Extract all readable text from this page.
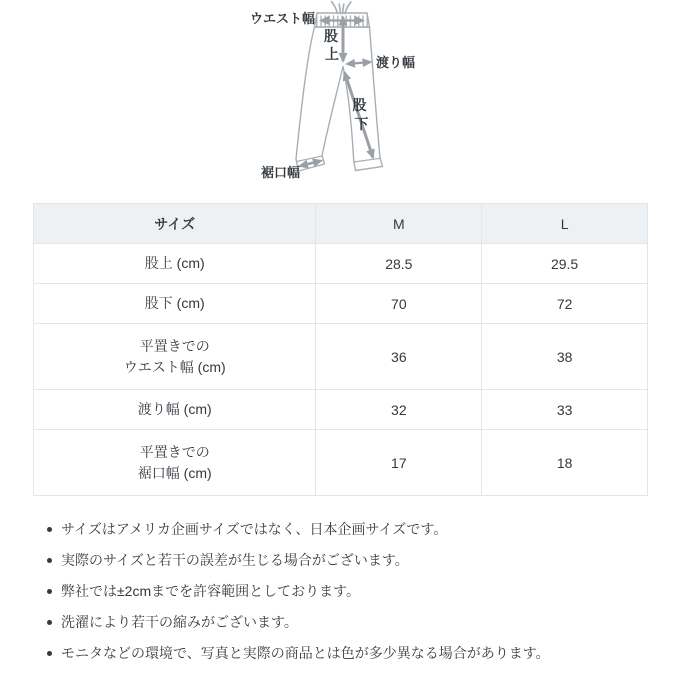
ウエスト幅
股
上
渡り幅
股
下
裾口幅
サイズ	M	L

股上 (cm)	28.5	29.5

股下 (cm)	70	72

平置きでの
ウエスト幅 (cm)	36	38

渡り幅 (cm)	32	33

平置きでの
裾口幅 (cm)	17	18
サイズはアメリカ企画サイズではなく、日本企画サイズです。
実際のサイズと若干の誤差が生じる場合がございます。
弊社では±2cmまでを許容範囲としております。
洗濯により若干の縮みがございます。
モニタなどの環境で、写真と実際の商品とは色が多少異なる場合があります。
